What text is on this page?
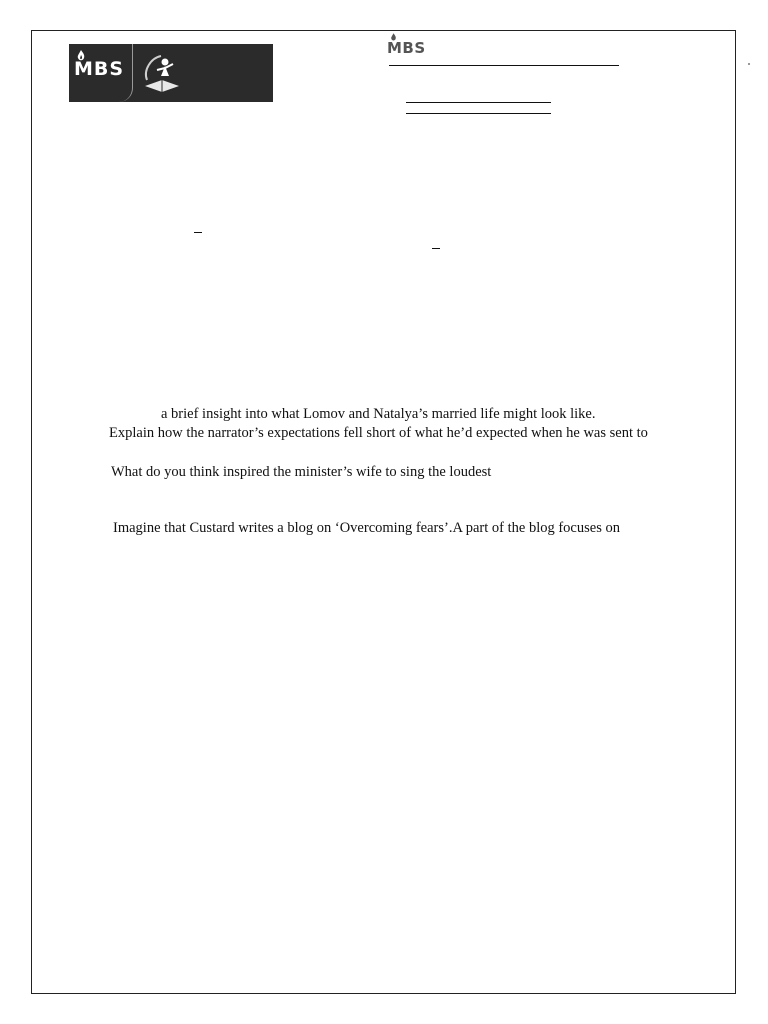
MBS
MBS
a brief insight into what Lomov and Natalya’s married life might look like.
Explain how the narrator’s expectations fell short of what he’d expected when he was sent to
What do you think inspired the minister’s wife to sing the loudest
Imagine that Custard writes a blog on ‘Overcoming fears’.A part of the blog focuses on
